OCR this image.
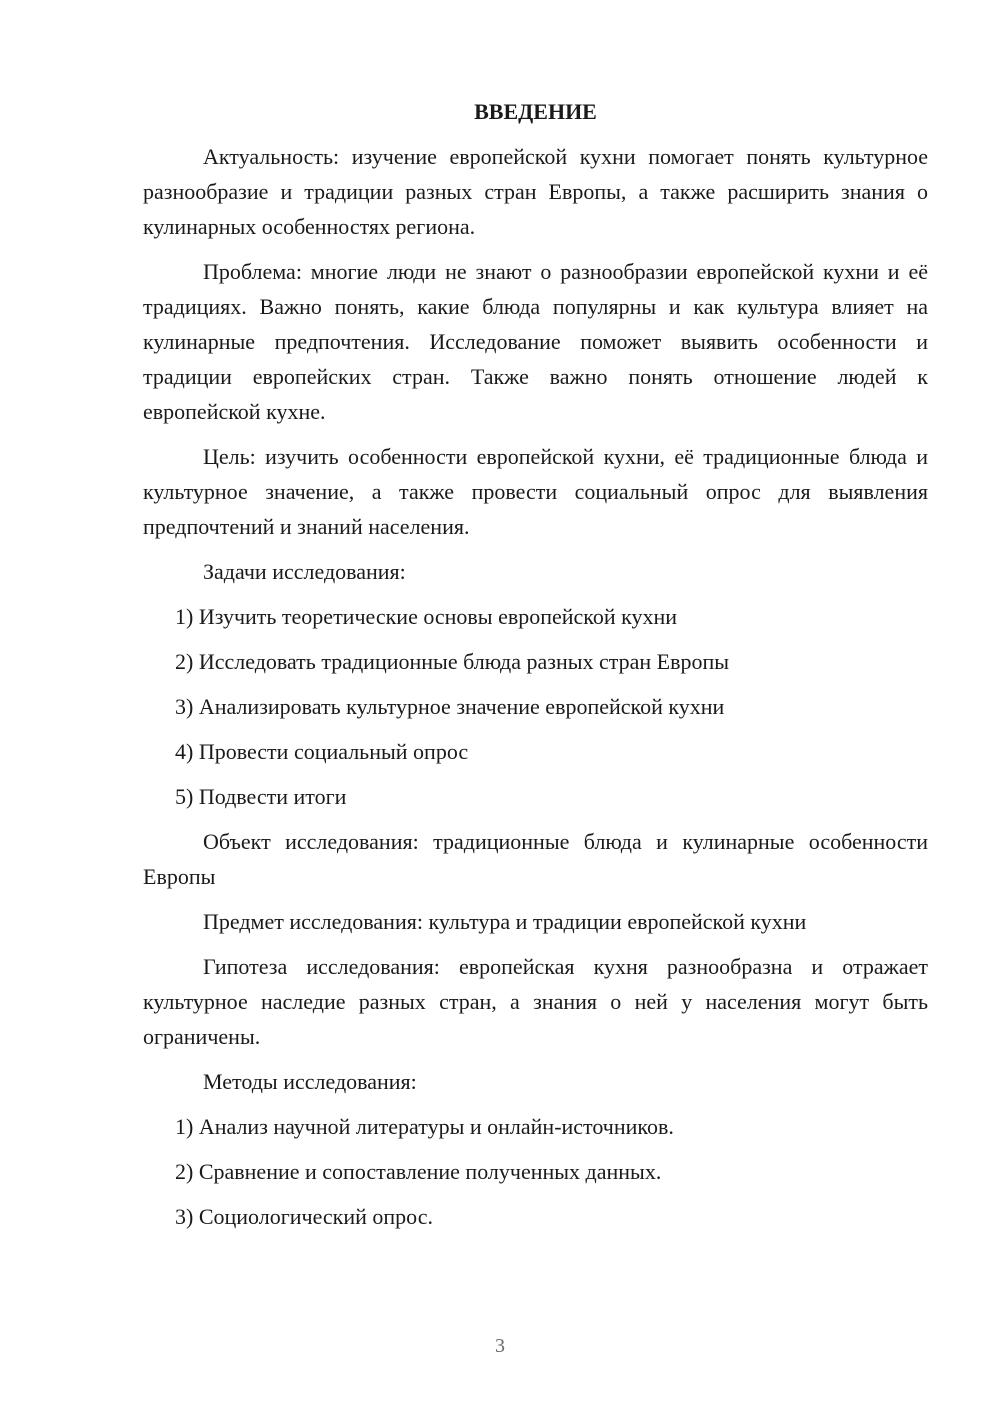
ВВЕДЕНИЕ

Актуальность: изучение европейской кухни помогает понять культурное разнообразие и традиции разных стран Европы, а также расширить знания о кулинарных особенностях региона.

Проблема: многие люди не знают о разнообразии европейской кухни и её традициях. Важно понять, какие блюда популярны и как культура влияет на кулинарные предпочтения. Исследование поможет выявить особенности и традиции европейских стран. Также важно понять отношение людей к европейской кухне.

Цель: изучить особенности европейской кухни, её традиционные блюда и культурное значение, а также провести социальный опрос для выявления предпочтений и знаний населения.

Задачи исследования:
1) Изучить теоретические основы европейской кухни
2) Исследовать традиционные блюда разных стран Европы
3) Анализировать культурное значение европейской кухни
4) Провести социальный опрос
5) Подвести итоги

Объект исследования: традиционные блюда и кулинарные особенности Европы

Предмет исследования: культура и традиции европейской кухни

Гипотеза исследования: европейская кухня разнообразна и отражает культурное наследие разных стран, а знания о ней у населения могут быть ограничены.

Методы исследования:
1) Анализ научной литературы и онлайн-источников.
2) Сравнение и сопоставление полученных данных.
3) Социологический опрос.
3
